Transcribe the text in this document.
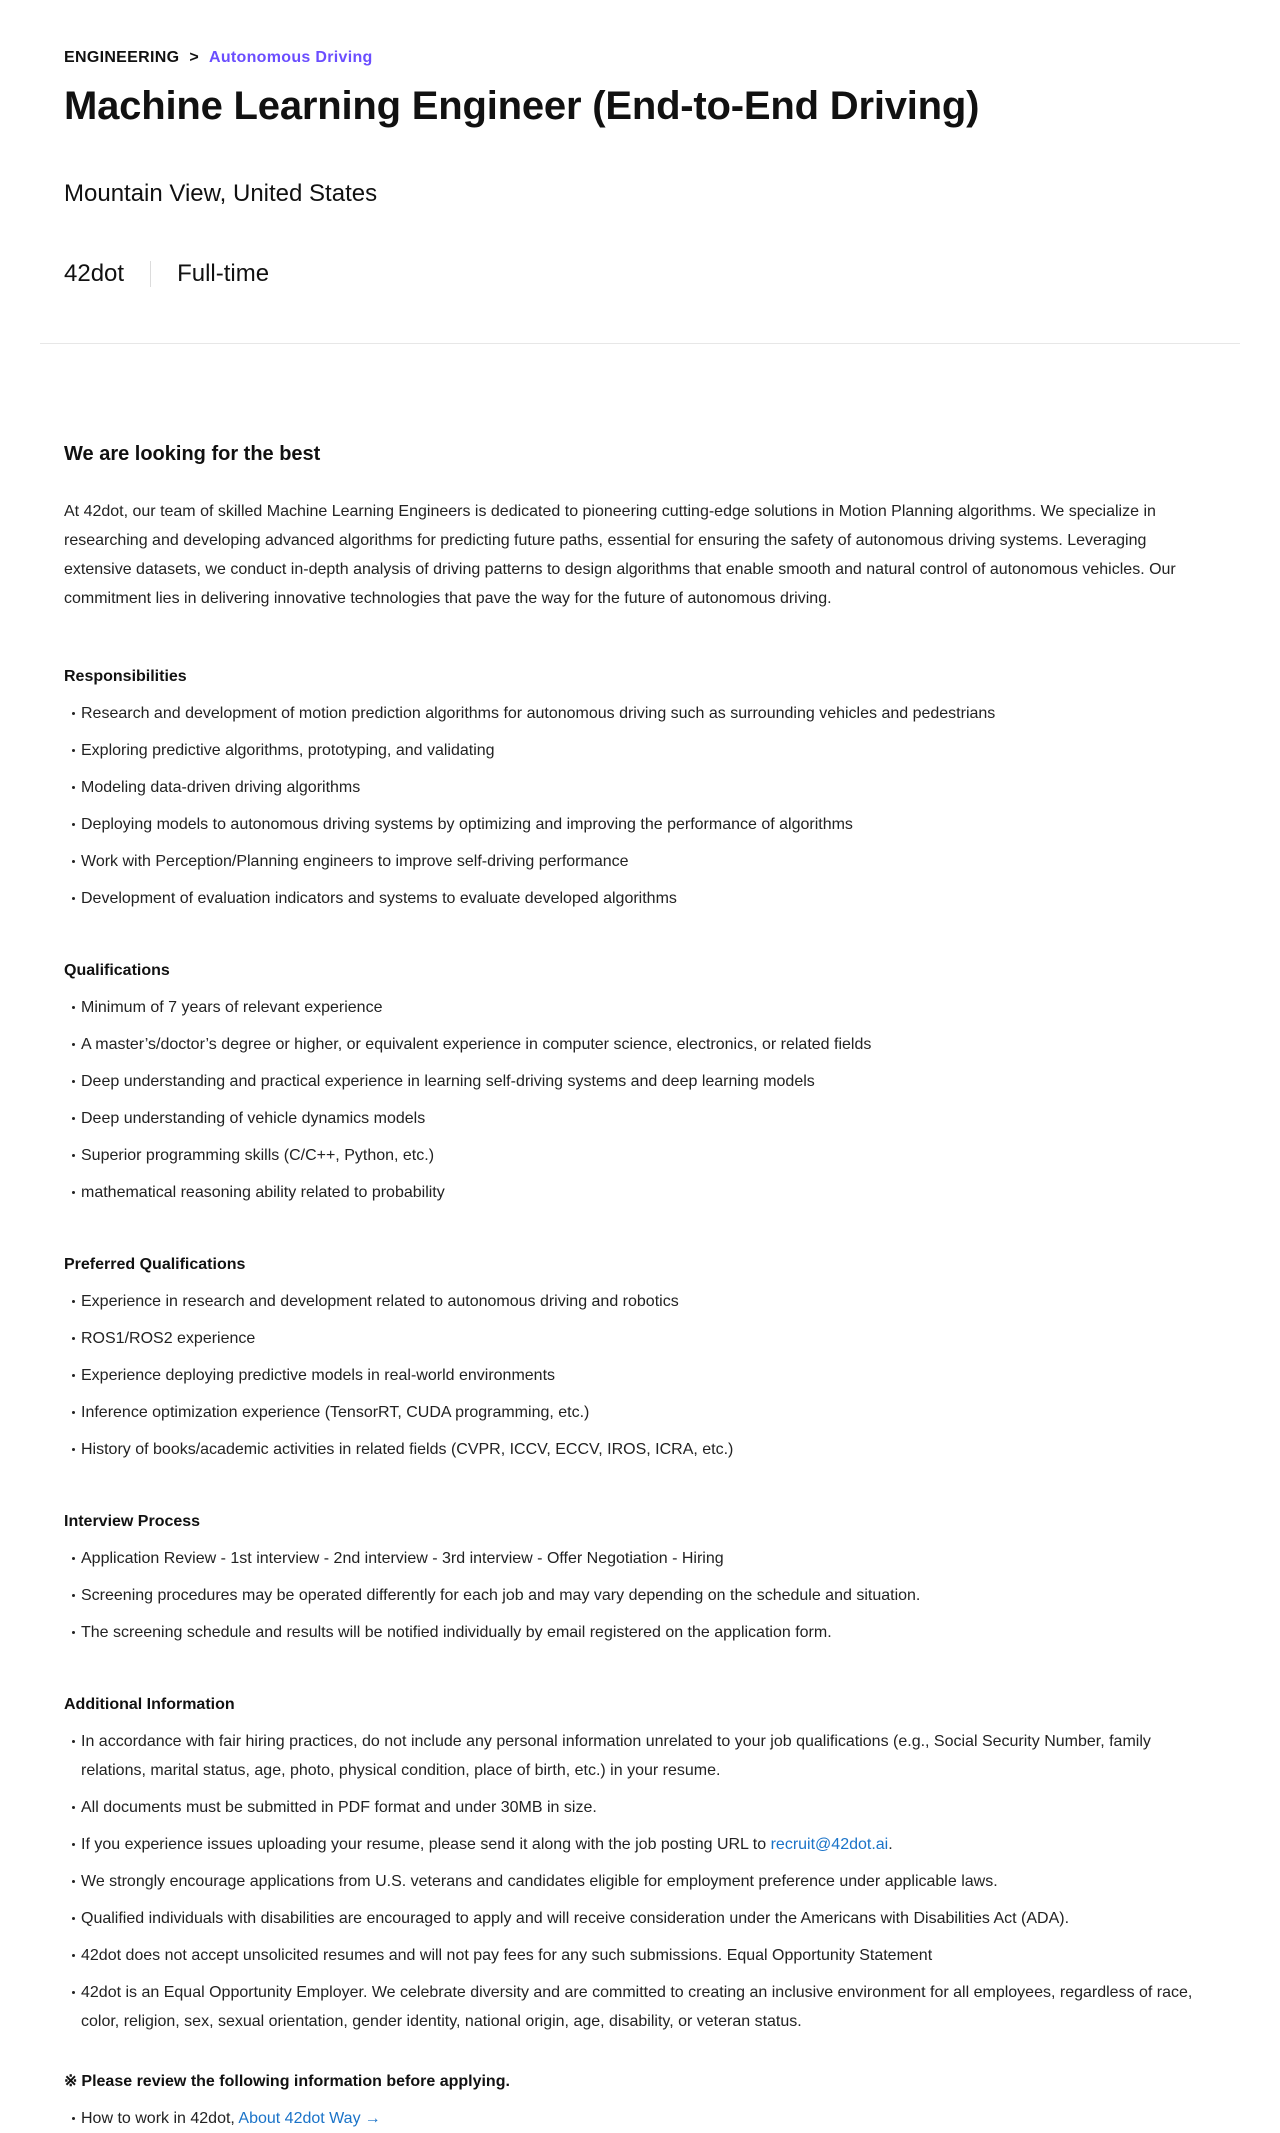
ENGINEERING > Autonomous Driving
Machine Learning Engineer (End-to-End Driving)
Mountain View, United States
42dot Full-time
We are looking for the best

At 42dot, our team of skilled Machine Learning Engineers is dedicated to pioneering cutting-edge solutions in Motion Planning algorithms. We specialize in researching and developing advanced algorithms for predicting future paths, essential for ensuring the safety of autonomous driving systems. Leveraging extensive datasets, we conduct in-depth analysis of driving patterns to design algorithms that enable smooth and natural control of autonomous vehicles. Our commitment lies in delivering innovative technologies that pave the way for the future of autonomous driving.

Responsibilities
Research and development of motion prediction algorithms for autonomous driving such as surrounding vehicles and pedestrians
Exploring predictive algorithms, prototyping, and validating
Modeling data-driven driving algorithms
Deploying models to autonomous driving systems by optimizing and improving the performance of algorithms
Work with Perception/Planning engineers to improve self-driving performance
Development of evaluation indicators and systems to evaluate developed algorithms
Qualifications
Minimum of 7 years of relevant experience
A master’s/doctor’s degree or higher, or equivalent experience in computer science, electronics, or related fields
Deep understanding and practical experience in learning self-driving systems and deep learning models
Deep understanding of vehicle dynamics models
Superior programming skills (C/C++, Python, etc.)
mathematical reasoning ability related to probability
Preferred Qualifications
Experience in research and development related to autonomous driving and robotics
ROS1/ROS2 experience
Experience deploying predictive models in real-world environments
Inference optimization experience (TensorRT, CUDA programming, etc.)
History of books/academic activities in related fields (CVPR, ICCV, ECCV, IROS, ICRA, etc.)
Interview Process
Application Review - 1st interview - 2nd interview - 3rd interview - Offer Negotiation - Hiring
Screening procedures may be operated differently for each job and may vary depending on the schedule and situation.
The screening schedule and results will be notified individually by email registered on the application form.
Additional Information
In accordance with fair hiring practices, do not include any personal information unrelated to your job qualifications (e.g., Social Security Number, family relations, marital status, age, photo, physical condition, place of birth, etc.) in your resume.
All documents must be submitted in PDF format and under 30MB in size.
If you experience issues uploading your resume, please send it along with the job posting URL to recruit@42dot.ai.
We strongly encourage applications from U.S. veterans and candidates eligible for employment preference under applicable laws.
Qualified individuals with disabilities are encouraged to apply and will receive consideration under the Americans with Disabilities Act (ADA).
42dot does not accept unsolicited resumes and will not pay fees for any such submissions. Equal Opportunity Statement
42dot is an Equal Opportunity Employer. We celebrate diversity and are committed to creating an inclusive environment for all employees, regardless of race, color, religion, sex, sexual orientation, gender identity, national origin, age, disability, or veteran status.
※ Please review the following information before applying.
How to work in 42dot, About 42dot Way →
